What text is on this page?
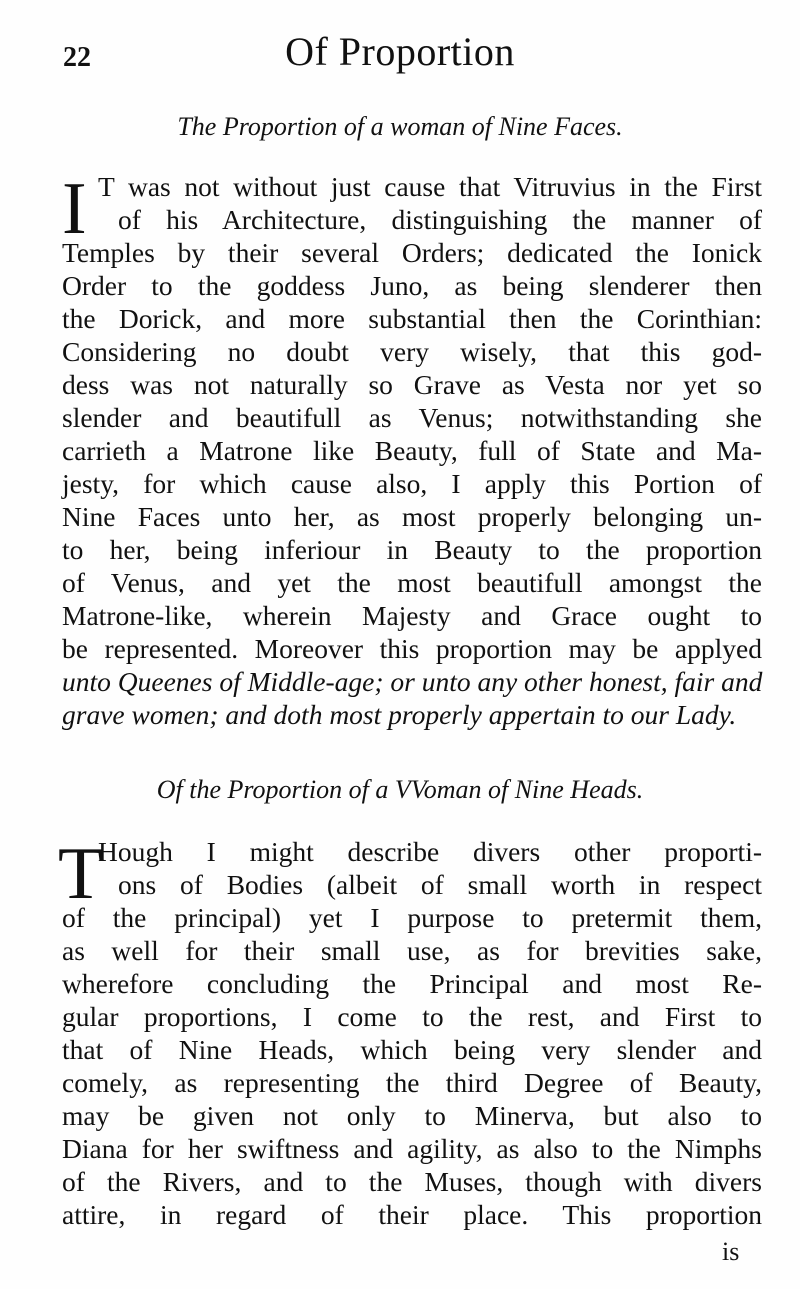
22	Of Proportion
The Proportion of a woman of Nine Faces.
I T was not without just cause that Vitruvius in the First
of his Architecture, distinguishing the manner of
Temples by their several Orders; dedicated the Ionick
Order to the goddess Juno, as being slenderer then
the Dorick, and more substantial then the Corinthian:
Considering no doubt very wisely, that this god-
dess was not naturally so Grave as Vesta nor yet so
slender and beautifull as Venus; notwithstanding she
carrieth a Matrone like Beauty, full of State and Ma-
jesty, for which cause also, I apply this Portion of
Nine Faces unto her, as most properly belonging un-
to her, being inferiour in Beauty to the proportion
of Venus, and yet the most beautifull amongst the
Matrone-like, wherein Majesty and Grace ought to
be represented. Moreover this proportion may be applyed
unto Queenes of Middle-age; or unto any other honest, fair and
grave women; and doth most properly appertain to our Lady.
Of the Proportion of a VVoman of Nine Heads.
T
Hough I might describe divers other proporti-
ons of Bodies (albeit of small worth in respect
of the principal) yet I purpose to pretermit them,
as well for their small use, as for brevities sake,
wherefore concluding the Principal and most Re-
gular proportions, I come to the rest, and First to
that of Nine Heads, which being very slender and
comely, as representing the third Degree of Beauty,
may be given not only to Minerva, but also to
Diana for her swiftness and agility, as also to the Nimphs
of the Rivers, and to the Muses, though with divers
attire, in regard of their place. This proportion
is
